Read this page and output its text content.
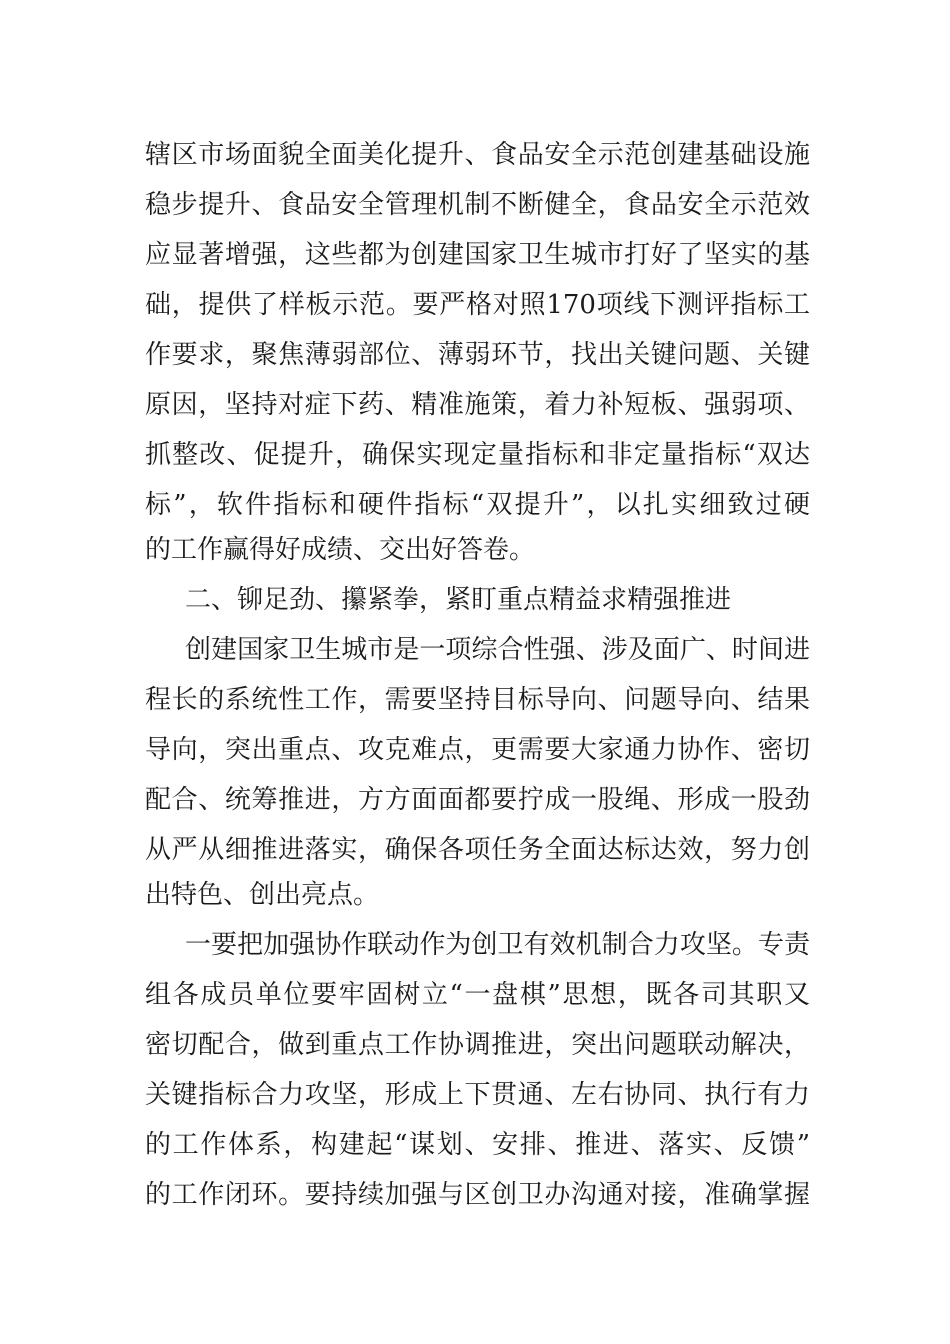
辖区市场面貌全面美化提升、食品安全示范创建基础设施
稳步提升、食品安全管理机制不断健全，食品安全示范效
应显著增强，这些都为创建国家卫生城市打好了坚实的基
础，提供了样板示范。要严格对照170项线下测评指标工
作要求，聚焦薄弱部位、薄弱环节，找出关键问题、关键
原因，坚持对症下药、精准施策，着力补短板、强弱项、
抓整改、促提升，确保实现定量指标和非定量指标“双达
标”，软件指标和硬件指标“双提升”，以扎实细致过硬
的工作赢得好成绩、交出好答卷。
二、铆足劲、攥紧拳，紧盯重点精益求精强推进
创建国家卫生城市是一项综合性强、涉及面广、时间进
程长的系统性工作，需要坚持目标导向、问题导向、结果
导向，突出重点、攻克难点，更需要大家通力协作、密切
配合、统筹推进，方方面面都要拧成一股绳、形成一股劲
从严从细推进落实，确保各项任务全面达标达效，努力创
出特色、创出亮点。
一要把加强协作联动作为创卫有效机制合力攻坚。专责
组各成员单位要牢固树立“一盘棋”思想，既各司其职又
密切配合，做到重点工作协调推进，突出问题联动解决，
关键指标合力攻坚，形成上下贯通、左右协同、执行有力
的工作体系，构建起“谋划、安排、推进、落实、反馈”
的工作闭环。要持续加强与区创卫办沟通对接，准确掌握
